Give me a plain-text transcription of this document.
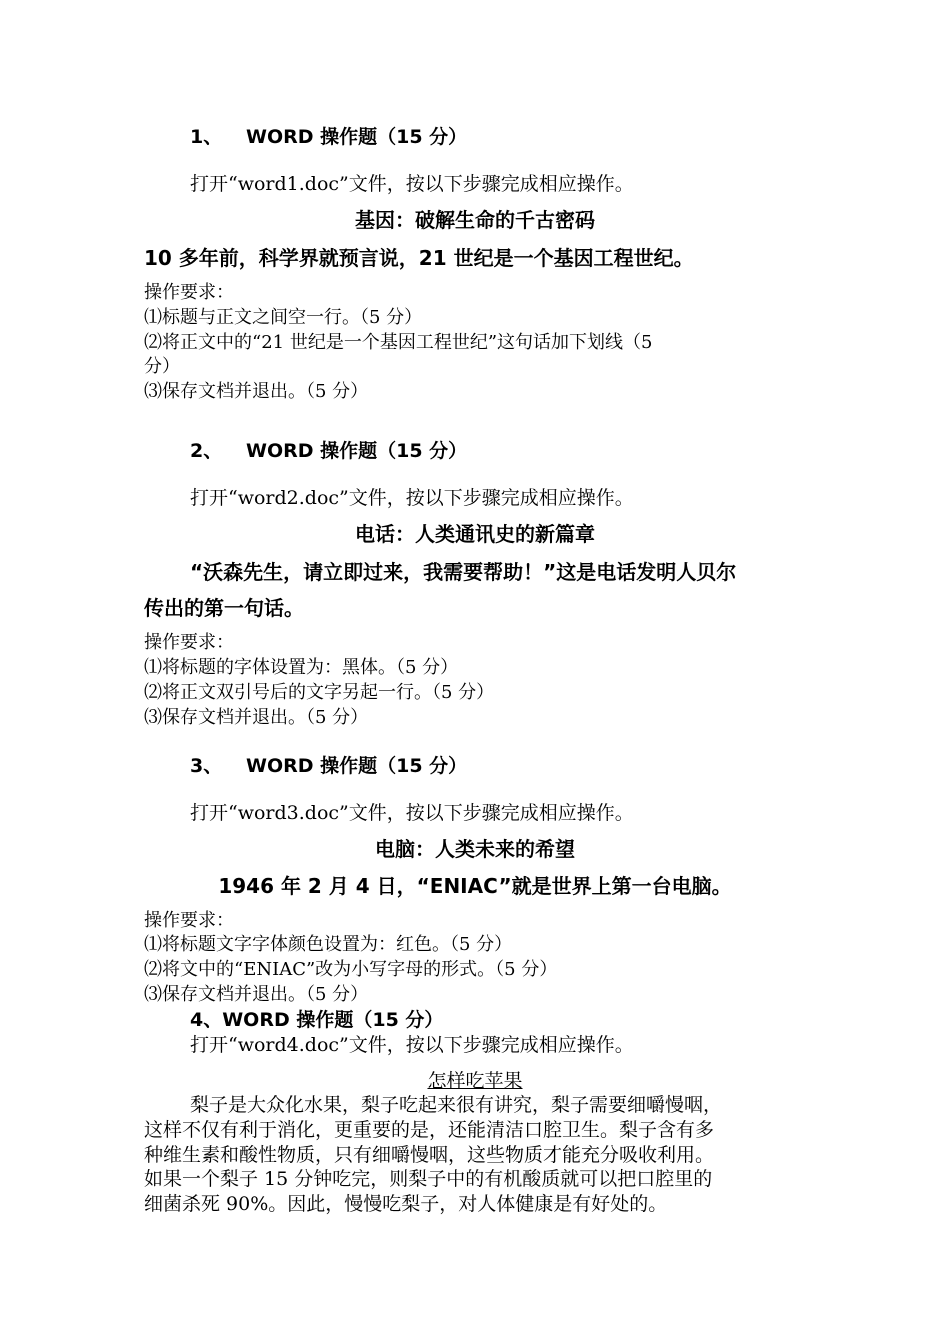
1、 WORD 操作题（15 分）
打开“word1.doc”文件，按以下步骤完成相应操作。
基因：破解生命的千古密码
10 多年前，科学界就预言说，21 世纪是一个基因工程世纪。
操作要求：
⑴标题与正文之间空一行。（5 分）
⑵将正文中的“21 世纪是一个基因工程世纪”这句话加下划线（5
分）
⑶保存文档并退出。（5 分）
2、 WORD 操作题（15 分）
打开“word2.doc”文件，按以下步骤完成相应操作。
电话：人类通讯史的新篇章
“沃森先生，请立即过来，我需要帮助！”这是电话发明人贝尔
传出的第一句话。
操作要求：
⑴将标题的字体设置为：黑体。（5 分）
⑵将正文双引号后的文字另起一行。（5 分）
⑶保存文档并退出。（5 分）
3、 WORD 操作题（15 分）
打开“word3.doc”文件，按以下步骤完成相应操作。
电脑：人类未来的希望
1946 年 2 月 4 日，“ENIAC”就是世界上第一台电脑。
操作要求：
⑴将标题文字字体颜色设置为：红色。（5 分）
⑵将文中的“ENIAC”改为小写字母的形式。（5 分）
⑶保存文档并退出。（5 分）
4、WORD 操作题（15 分）
打开“word4.doc”文件，按以下步骤完成相应操作。
怎样吃苹果
梨子是大众化水果，梨子吃起来很有讲究，梨子需要细嚼慢咽，
这样不仅有利于消化，更重要的是，还能清洁口腔卫生。梨子含有多
种维生素和酸性物质，只有细嚼慢咽，这些物质才能充分吸收利用。
如果一个梨子 15 分钟吃完，则梨子中的有机酸质就可以把口腔里的
细菌杀死 90%。因此，慢慢吃梨子，对人体健康是有好处的。
